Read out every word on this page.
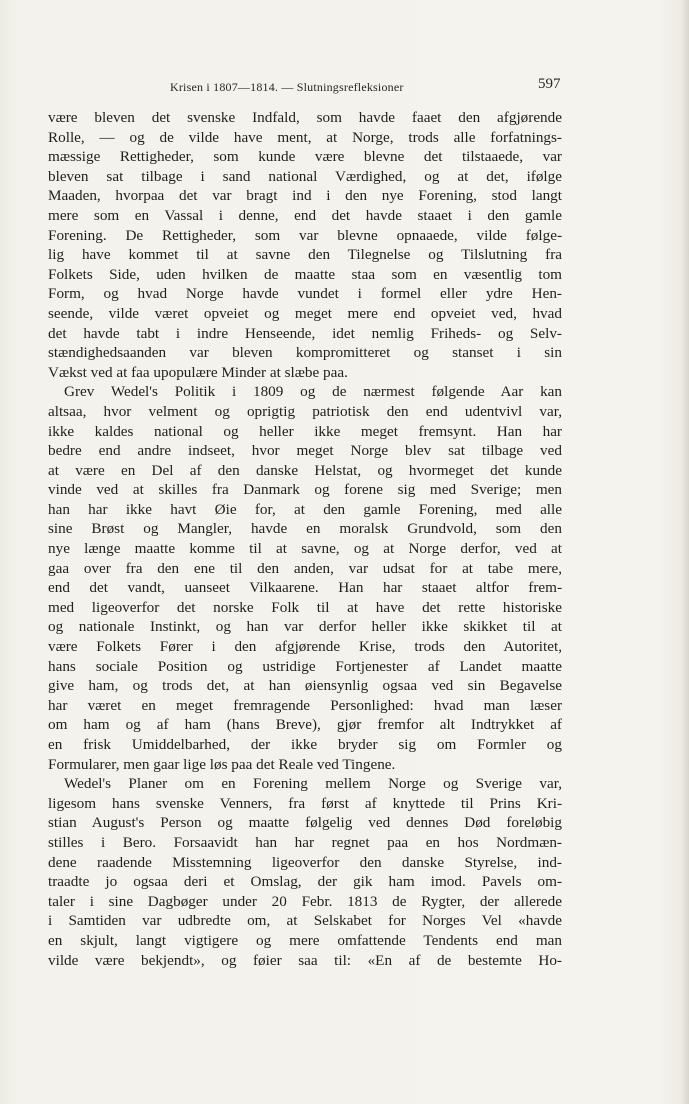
Krisen i 1807—1814. — Slutningsrefleksioner	597
være bleven det svenske Indfald, som havde faaet den afgjørende
Rolle, — og de vilde have ment, at Norge, trods alle forfatnings-
mæssige Rettigheder, som kunde være blevne det tilstaaede, var
bleven sat tilbage i sand national Værdighed, og at det, ifølge
Maaden, hvorpaa det var bragt ind i den nye Forening, stod langt
mere som en Vassal i denne, end det havde staaet i den gamle
Forening. De Rettigheder, som var blevne opnaaede, vilde følge-
lig have kommet til at savne den Tilegnelse og Tilslutning fra
Folkets Side, uden hvilken de maatte staa som en væsentlig tom
Form, og hvad Norge havde vundet i formel eller ydre Hen-
seende, vilde været opveiet og meget mere end opveiet ved, hvad
det havde tabt i indre Henseende, idet nemlig Friheds- og Selv-
stændighedsaanden var bleven kompromitteret og stanset i sin
Vækst ved at faa upopulære Minder at slæbe paa.
Grev Wedel's Politik i 1809 og de nærmest følgende Aar kan
altsaa, hvor velment og oprigtig patriotisk den end udentvivl var,
ikke kaldes national og heller ikke meget fremsynt. Han har
bedre end andre indseet, hvor meget Norge blev sat tilbage ved
at være en Del af den danske Helstat, og hvormeget det kunde
vinde ved at skilles fra Danmark og forene sig med Sverige; men
han har ikke havt Øie for, at den gamle Forening, med alle
sine Brøst og Mangler, havde en moralsk Grundvold, som den
nye længe maatte komme til at savne, og at Norge derfor, ved at
gaa over fra den ene til den anden, var udsat for at tabe mere,
end det vandt, uanseet Vilkaarene. Han har staaet altfor frem-
med ligeoverfor det norske Folk til at have det rette historiske
og nationale Instinkt, og han var derfor heller ikke skikket til at
være Folkets Fører i den afgjørende Krise, trods den Autoritet,
hans sociale Position og ustridige Fortjenester af Landet maatte
give ham, og trods det, at han øiensynlig ogsaa ved sin Begavelse
har været en meget fremragende Personlighed: hvad man læser
om ham og af ham (hans Breve), gjør fremfor alt Indtrykket af
en frisk Umiddelbarhed, der ikke bryder sig om Formler og
Formularer, men gaar lige løs paa det Reale ved Tingene.
Wedel's Planer om en Forening mellem Norge og Sverige var,
ligesom hans svenske Venners, fra først af knyttede til Prins Kri-
stian August's Person og maatte følgelig ved dennes Død foreløbig
stilles i Bero. Forsaavidt han har regnet paa en hos Nordmæn-
dene raadende Misstemning ligeoverfor den danske Styrelse, ind-
traadte jo ogsaa deri et Omslag, der gik ham imod. Pavels om-
taler i sine Dagbøger under 20 Febr. 1813 de Rygter, der allerede
i Samtiden var udbredte om, at Selskabet for Norges Vel «havde
en skjult, langt vigtigere og mere omfattende Tendents end man
vilde være bekjendt», og føier saa til: «En af de bestemte Ho-
